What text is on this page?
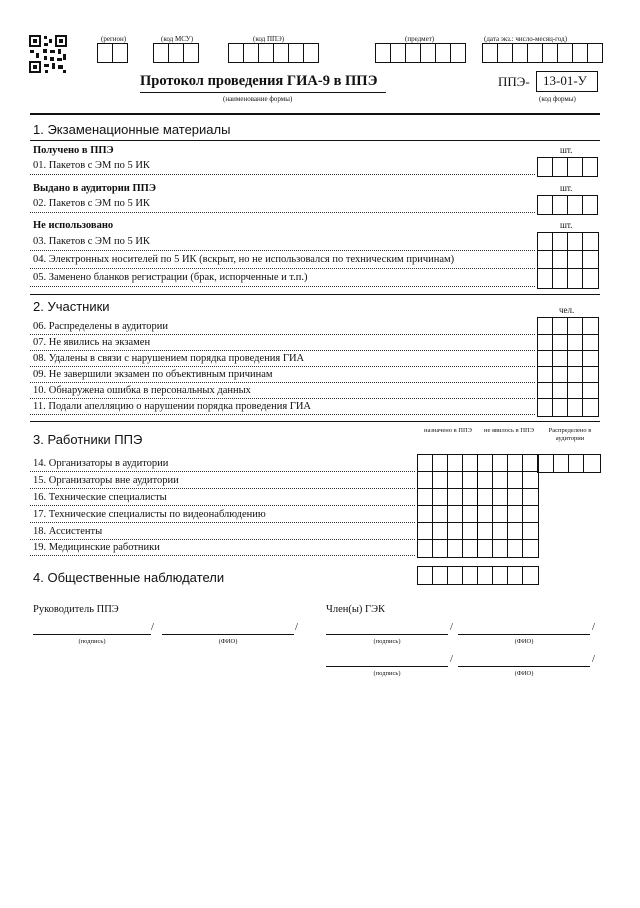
(регион)	(код МСУ)	(код ППЭ)	(предмет)	(дата экз.: число-месяц-год)
Протокол проведения ГИА-9 в ППЭ
(наименование формы)
ППЭ- 13-01-У
(код формы)
1. Экзаменационные материалы
Получено в ППЭ	шт.
01. Пакетов с ЭМ по 5 ИК
Выдано в аудитории ППЭ	шт.
02. Пакетов с ЭМ по 5 ИК
Не использовано	шт.
03. Пакетов с ЭМ по 5 ИК
04. Электронных носителей по 5 ИК (вскрыт, но не использовался по техническим причинам)
05. Заменено бланков регистрации (брак, испорченные и т.п.)
2. Участники	чел.
06. Распределены в аудитории
07. Не явились на экзамен
08. Удалены в связи с нарушением порядка проведения ГИА
09. Не завершили экзамен по объективным причинам
10. Обнаружена ошибка в персональных данных
11. Подали апелляцию о нарушении порядка проведения ГИА
3. Работники ППЭ
назначено в ППЭ	не явилось в ППЭ	Распределено в аудитории
14. Организаторы в аудитории
15. Организаторы вне аудитории
16. Технические специалисты
17. Технические специалисты по видеонаблюдению
18. Ассистенты
19. Медицинские работники
4. Общественные наблюдатели
Руководитель ППЭ
/	/
(подпись)	(ФИО)
Член(ы) ГЭК
/	/
(подпись)	(ФИО)
/	/
(подпись)	(ФИО)
